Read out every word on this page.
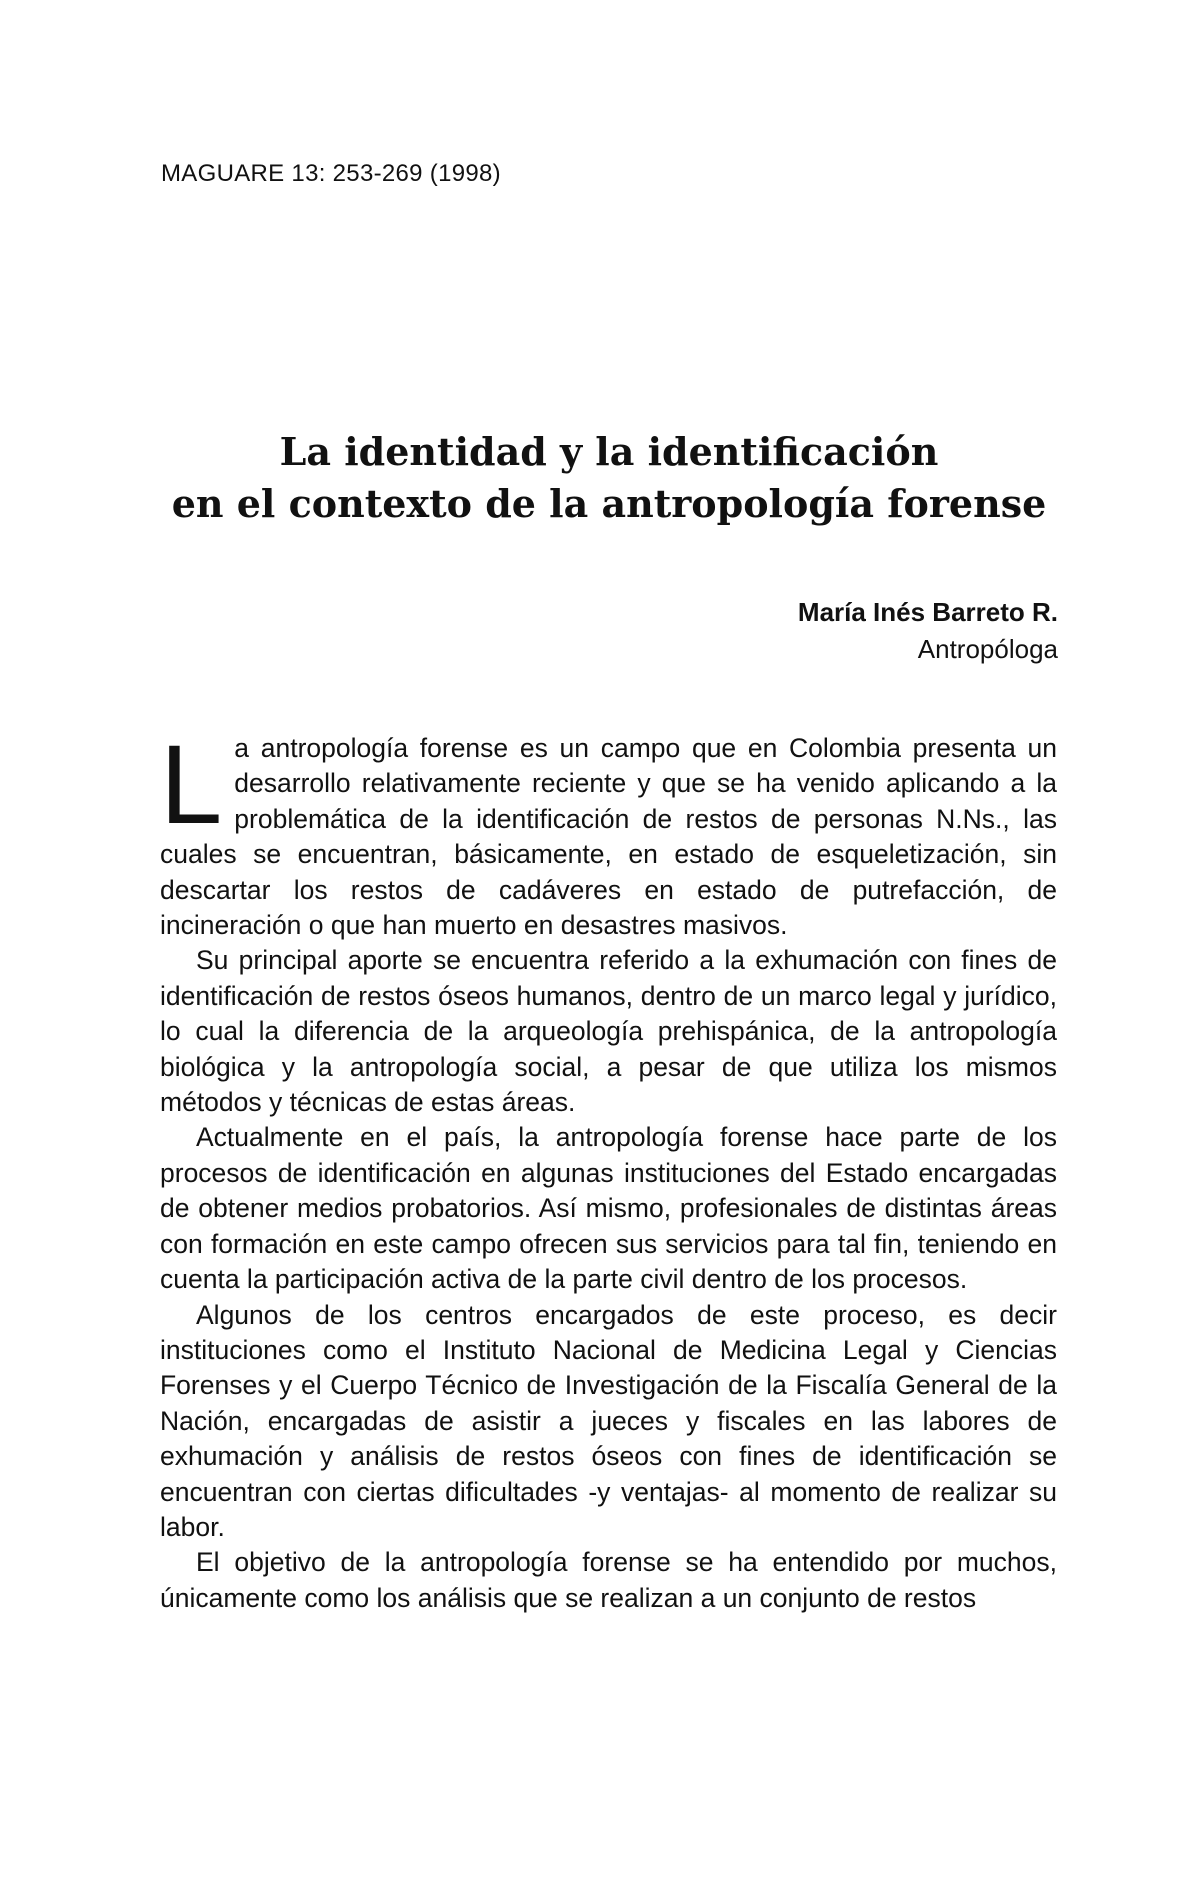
MAGUARE 13: 253-269 (1998)
La identidad y la identificación
en el contexto de la antropología forense
María Inés Barreto R.
Antropóloga

La antropología forense es un campo que en Colombia presenta un desarrollo relativamente reciente y que se ha venido aplicando a la problemática de la identificación de restos de personas N.Ns., las cuales se encuentran, básicamente, en estado de esqueletización, sin descartar los restos de cadáveres en estado de putrefacción, de incineración o que han muerto en desastres masivos.

Su principal aporte se encuentra referido a la exhumación con fines de identificación de restos óseos humanos, dentro de un marco legal y jurídico, lo cual la diferencia de la arqueología prehispánica, de la antropología biológica y la antropología social, a pesar de que utiliza los mismos métodos y técnicas de estas áreas.

Actualmente en el país, la antropología forense hace parte de los procesos de identificación en algunas instituciones del Estado encargadas de obtener medios probatorios. Así mismo, profesionales de distintas áreas con formación en este campo ofrecen sus servicios para tal fin, teniendo en cuenta la participación activa de la parte civil dentro de los procesos.

Algunos de los centros encargados de este proceso, es decir instituciones como el Instituto Nacional de Medicina Legal y Ciencias Forenses y el Cuerpo Técnico de Investigación de la Fiscalía General de la Nación, encargadas de asistir a jueces y fiscales en las labores de exhumación y análisis de restos óseos con fines de identificación se encuentran con ciertas dificultades -y ventajas- al momento de realizar su labor.

El objetivo de la antropología forense se ha entendido por muchos, únicamente como los análisis que se realizan a un conjunto de restos
